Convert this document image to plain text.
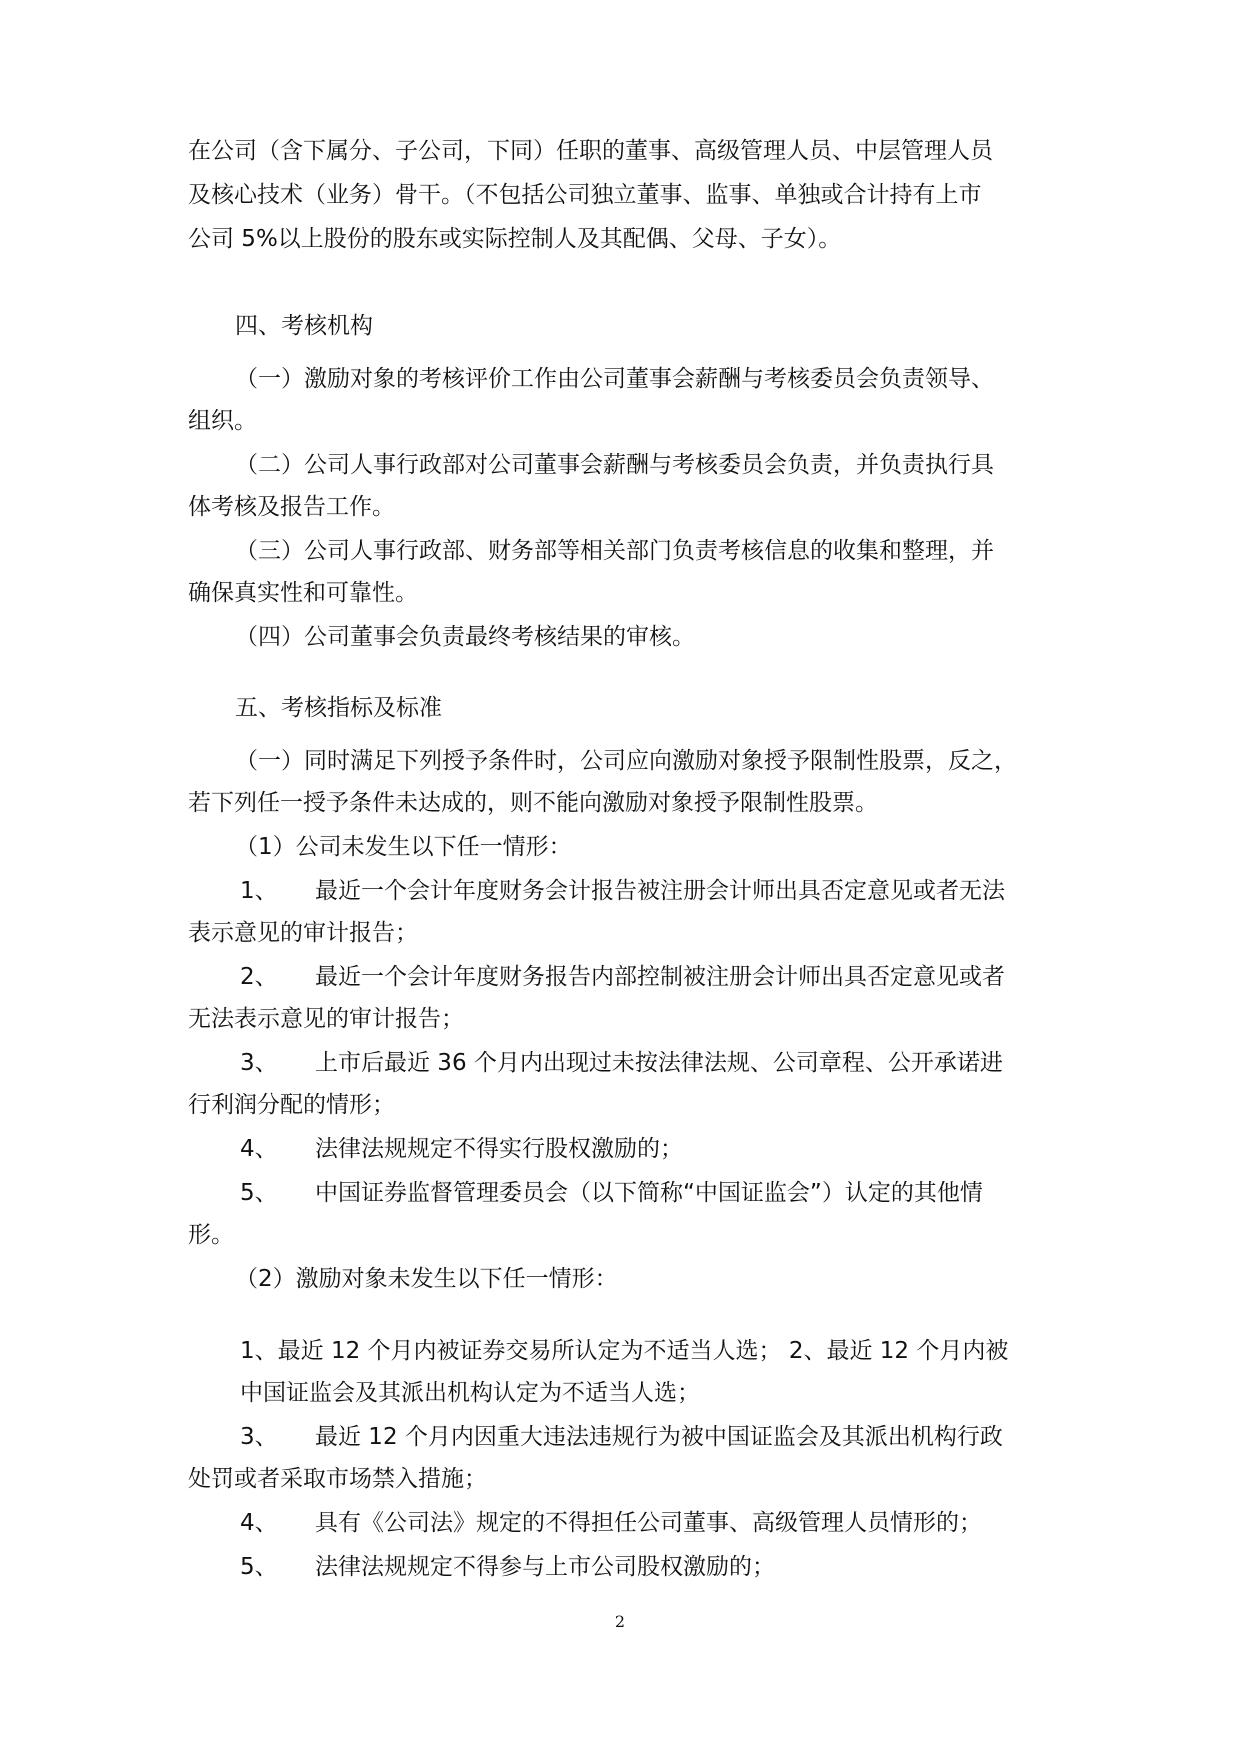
在公司（含下属分、子公司，下同）任职的董事、高级管理人员、中层管理人员

及核心技术（业务）骨干。（不包括公司独立董事、监事、单独或合计持有上市

公司 5%以上股份的股东或实际控制人及其配偶、父母、子女）。

四、考核机构

（一）激励对象的考核评价工作由公司董事会薪酬与考核委员会负责领导、

组织。

（二）公司人事行政部对公司董事会薪酬与考核委员会负责，并负责执行具

体考核及报告工作。

（三）公司人事行政部、财务部等相关部门负责考核信息的收集和整理，并

确保真实性和可靠性。

（四）公司董事会负责最终考核结果的审核。

五、考核指标及标准

（一）同时满足下列授予条件时，公司应向激励对象授予限制性股票，反之，

若下列任一授予条件未达成的，则不能向激励对象授予限制性股票。

（1）公司未发生以下任一情形：

1、 最近一个会计年度财务会计报告被注册会计师出具否定意见或者无法

表示意见的审计报告；

2、 最近一个会计年度财务报告内部控制被注册会计师出具否定意见或者

无法表示意见的审计报告；

3、 上市后最近 36 个月内出现过未按法律法规、公司章程、公开承诺进

行利润分配的情形；

4、 法律法规规定不得实行股权激励的；

5、 中国证券监督管理委员会（以下简称“中国证监会”）认定的其他情

形。

（2）激励对象未发生以下任一情形：

1、最近 12 个月内被证券交易所认定为不适当人选； 2、最近 12 个月内被

中国证监会及其派出机构认定为不适当人选；

3、 最近 12 个月内因重大违法违规行为被中国证监会及其派出机构行政

处罚或者采取市场禁入措施；

4、 具有《公司法》规定的不得担任公司董事、高级管理人员情形的；

5、 法律法规规定不得参与上市公司股权激励的；

2
